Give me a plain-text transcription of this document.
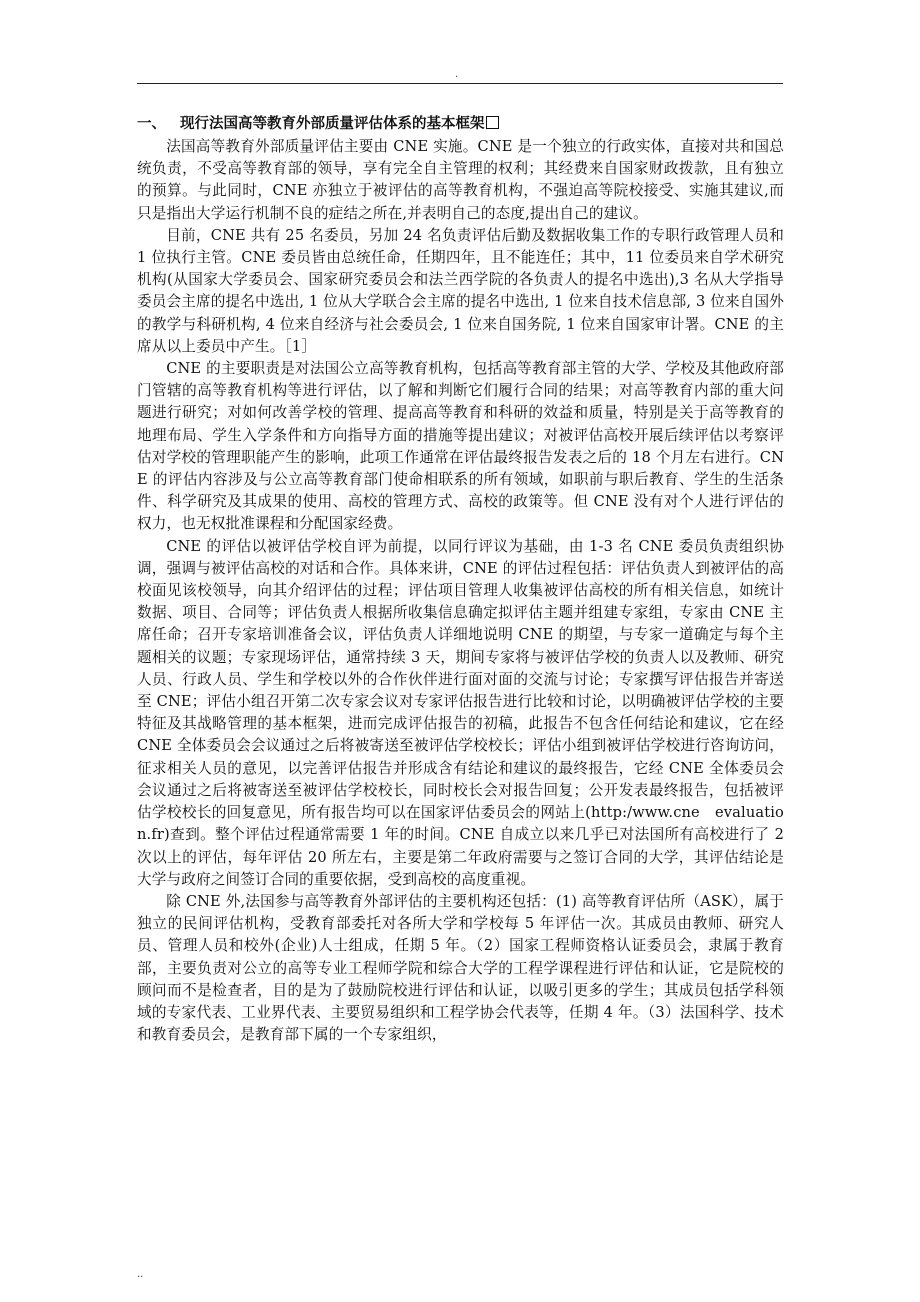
.
一、 现行法国高等教育外部质量评估体系的基本框架

法国高等教育外部质量评估主要由 CNE 实施。CNE 是一个独立的行政实体，直接对共和国总统负责，不受高等教育部的领导，享有完全自主管理的权利；其经费来自国家财政拨款，且有独立的预算。与此同时，CNE 亦独立于被评估的高等教育机构，不强迫高等院校接受、实施其建议,而只是指出大学运行机制不良的症结之所在,并表明自己的态度,提出自己的建议。

目前，CNE 共有 25 名委员，另加 24 名负责评估后勤及数据收集工作的专职行政管理人员和 1 位执行主管。CNE 委员皆由总统任命，任期四年，且不能连任；其中，11 位委员来自学术研究机构(从国家大学委员会、国家研究委员会和法兰西学院的各负责人的提名中选出),3 名从大学指导委员会主席的提名中选出, 1 位从大学联合会主席的提名中选出, 1 位来自技术信息部, 3 位来自国外的教学与科研机构, 4 位来自经济与社会委员会, 1 位来自国务院, 1 位来自国家审计署。CNE 的主席从以上委员中产生。［1］

CNE 的主要职责是对法国公立高等教育机构，包括高等教育部主管的大学、学校及其他政府部门管辖的高等教育机构等进行评估，以了解和判断它们履行合同的结果；对高等教育内部的重大问题进行研究；对如何改善学校的管理、提高高等教育和科研的效益和质量，特别是关于高等教育的地理布局、学生入学条件和方向指导方面的措施等提出建议；对被评估高校开展后续评估以考察评估对学校的管理职能产生的影响，此项工作通常在评估最终报告发表之后的 18 个月左右进行。CNE 的评估内容涉及与公立高等教育部门使命相联系的所有领域，如职前与职后教育、学生的生活条件、科学研究及其成果的使用、高校的管理方式、高校的政策等。但 CNE 没有对个人进行评估的权力，也无权批准课程和分配国家经费。

CNE 的评估以被评估学校自评为前提，以同行评议为基础，由 1-3 名 CNE 委员负责组织协调，强调与被评估高校的对话和合作。具体来讲，CNE 的评估过程包括：评估负责人到被评估的高校面见该校领导，向其介绍评估的过程；评估项目管理人收集被评估高校的所有相关信息，如统计数据、项目、合同等；评估负责人根据所收集信息确定拟评估主题并组建专家组，专家由 CNE 主席任命；召开专家培训准备会议，评估负责人详细地说明 CNE 的期望，与专家一道确定与每个主题相关的议题；专家现场评估，通常持续 3 天，期间专家将与被评估学校的负责人以及教师、研究人员、行政人员、学生和学校以外的合作伙伴进行面对面的交流与讨论；专家撰写评估报告并寄送至 CNE；评估小组召开第二次专家会议对专家评估报告进行比较和讨论，以明确被评估学校的主要特征及其战略管理的基本框架，进而完成评估报告的初稿，此报告不包含任何结论和建议，它在经 CNE 全体委员会会议通过之后将被寄送至被评估学校校长；评估小组到被评估学校进行咨询访问，征求相关人员的意见，以完善评估报告并形成含有结论和建议的最终报告，它经 CNE 全体委员会会议通过之后将被寄送至被评估学校校长，同时校长会对报告回复；公开发表最终报告，包括被评估学校校长的回复意见，所有报告均可以在国家评估委员会的网站上(http:/www.cne　evaluation.fr)查到。整个评估过程通常需要 1 年的时间。CNE 自成立以来几乎已对法国所有高校进行了 2 次以上的评估，每年评估 20 所左右，主要是第二年政府需要与之签订合同的大学，其评估结论是大学与政府之间签订合同的重要依据，受到高校的高度重视。

除 CNE 外,法国参与高等教育外部评估的主要机构还包括：(1) 高等教育评估所（ASK），属于独立的民间评估机构，受教育部委托对各所大学和学校每 5 年评估一次。其成员由教师、研究人员、管理人员和校外(企业)人士组成，任期 5 年。（2）国家工程师资格认证委员会，隶属于教育部，主要负责对公立的高等专业工程师学院和综合大学的工程学课程进行评估和认证，它是院校的顾问而不是检查者，目的是为了鼓励院校进行评估和认证，以吸引更多的学生；其成员包括学科领域的专家代表、工业界代表、主要贸易组织和工程学协会代表等，任期 4 年。（3）法国科学、技术和教育委员会，是教育部下属的一个专家组织，

..
